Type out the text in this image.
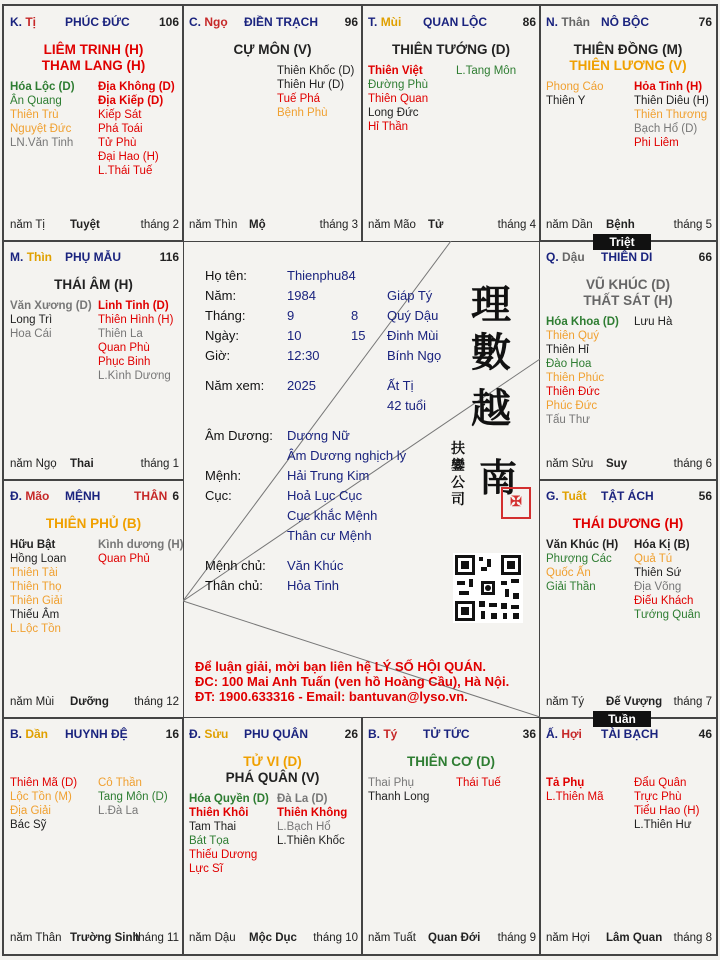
K. Tị PHÚC ĐỨC 106
LIÊM TRINH (H)
THAM LANG (H)
Hóa Lộc (D)
Ân Quang
Thiên Trù
Nguyệt Đức
LN.Văn Tinh
Địa Không (D)
Địa Kiếp (D)
Kiếp Sát
Phá Toái
Tử Phù
Đại Hao (H)
L.Thái Tuế
năm Tị Tuyệt	tháng 2
C. Ngọ ĐIỀN TRẠCH 96
CỰ MÔN (V)
Thiên Khốc (D)
Thiên Hư (D)
Tuế Phá
Bệnh Phù
năm Thìn Mộ	tháng 3
T. Mùi QUAN LỘC	86
THIÊN TƯỚNG (D)
Thiên Việt
Đường Phù
Thiên Quan
Long Đức
Hỉ Thần
L.Tang Môn
năm Mão Tử	tháng 4
N. Thân NÔ BỘC	76
THIÊN ĐỒNG (M)
THIÊN LƯƠNG (V)
Phong Cáo
Thiên Y
Hỏa Tinh (H)
Thiên Diêu (H)
Thiên Thương
Bạch Hổ (D)
Phi Liêm
năm Dần Bệnh	tháng 5
M. Thìn PHỤ MẪU	116
THÁI ÂM (H)
Văn Xương (D)
Long Trì
Hoa Cái
Linh Tinh (D)
Thiên Hình (H)
Thiên La
Quan Phù
Phục Binh
L.Kình Dương
năm Ngọ Thai	tháng 1
Q. Dậu THIÊN DI	66
VŨ KHÚC (D)
THẤT SÁT (H)
Hóa Khoa (D)
Thiên Quý
Thiên Hỉ
Đào Hoa
Thiên Phúc
Thiên Đức
Phúc Đức
Tấu Thư
Lưu Hà
năm Sửu Suy	tháng 6
Đ. Mão MỆNH	THÂN 6
THIÊN PHỦ (B)
Hữu Bật
Hồng Loan
Thiên Tài
Thiên Thọ
Thiên Giải
Thiếu Âm
L.Lộc Tồn
Kình dương (H)
Quan Phủ
năm Mùi Dưỡng tháng 12
G. Tuất TẬT ÁCH	56
THÁI DƯƠNG (H)
Văn Khúc (H)
Phượng Các
Quốc Ấn
Giải Thần
Hóa Kị (B)
Quả Tú
Thiên Sứ
Địa Võng
Điếu Khách
Tướng Quân
năm Tý Đế Vượng tháng 7
B. Dần HUYNH ĐỆ	16
Thiên Mã (D)
Lộc Tồn (M)
Địa Giải
Bác Sỹ
Cô Thần
Tang Môn (D)
L.Đà La
năm Thân Trường Sinh
tháng 11
Đ. Sửu PHU QUÂN	26
TỬ VI (D)
PHÁ QUÂN (V)
Hóa Quyền (D)
Thiên Khôi
Tam Thai
Bát Tọa
Thiếu Dương
Lực Sĩ
Đà La (D)
Thiên Không
L.Bạch Hổ
L.Thiên Khốc
năm Dậu Mộc Dục tháng 10
B. Tý TỬ TỨC	36
THIÊN CƠ (D)
Thai Phụ
Thanh Long
Thái Tuế
năm Tuất Quan Đới tháng 9
Ấ. Hợi TÀI BẠCH	46
Tả Phụ
L.Thiên Mã
Đẩu Quân
Trực Phù
Tiểu Hao (H)
L.Thiên Hư
năm Hợi Lâm Quan tháng 8
Họ tên:	Thienphu84
Năm:	1984	Giáp Tý
Tháng:	9	8 Quý Dậu
Ngày:	10	15 Đinh Mùi
Giờ:	12:30	Bính Ngọ
Năm xem: 2025	Ất Tị
42 tuổi
Âm Dương: Dương Nữ
Âm Dương nghịch lý
Mệnh:	Hải Trung Kim
Cục:	Hoả Lục Cục
Cục khắc Mệnh
Thân cư Mệnh
Mệnh chủ: Văn Khúc
Thân chủ: Hỏa Tinh
理
數
越
南
扶鑾公司	✠
Để luận giải, mời bạn liên hệ LÝ SỐ HỘI QUÁN.
ĐC: 100 Mai Anh Tuấn (ven hồ Hoàng Cầu), Hà Nội.
ĐT: 1900.633316 - Email: bantuvan@lyso.vn.
Triệt
Tuần
